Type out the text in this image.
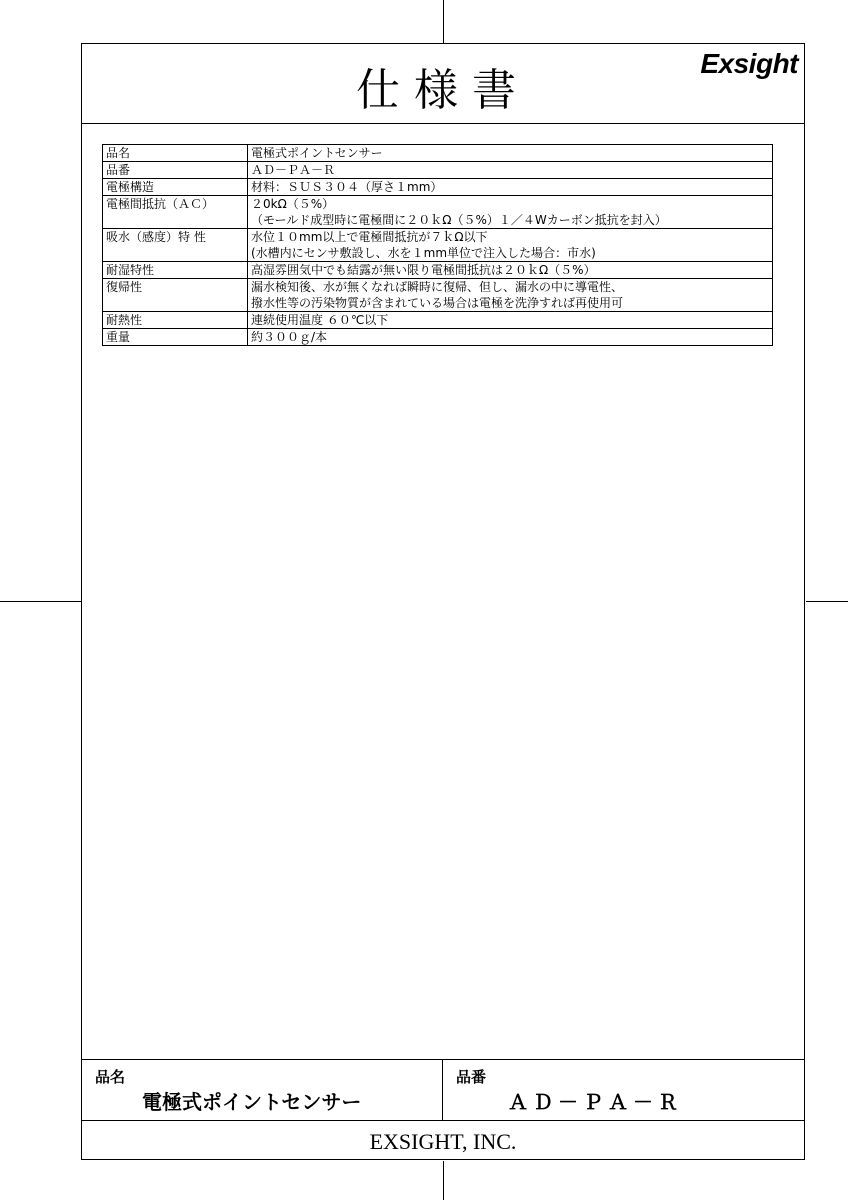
仕様書
Exsight
品名	電極式ポイントセンサー

品番	ＡＤ－ＰＡ－Ｒ

電極構造	材料：ＳＵＳ３０４（厚さ１mm）

電極間抵抗（ＡＣ）	２0kΩ（５%）
（モールド成型時に電極間に２０ｋΩ（５%）１／４Wカーボン抵抗を封入）

吸水（感度）特 性	水位１０mm以上で電極間抵抗が７ｋΩ以下
(水槽内にセンサ敷設し、水を１mm単位で注入した場合：市水)

耐湿特性	高湿雰囲気中でも結露が無い限り電極間抵抗は２０ｋΩ（５%）

復帰性	漏水検知後、水が無くなれば瞬時に復帰、但し、漏水の中に導電性、
撥水性等の汚染物質が含まれている場合は電極を洗浄すれば再使用可

耐熱性	連続使用温度 ６０℃以下

重量	約３００ｇ/本
品名
電極式ポイントセンサー
品番
ＡＤ－ＰＡ－Ｒ
EXSIGHT, INC.
